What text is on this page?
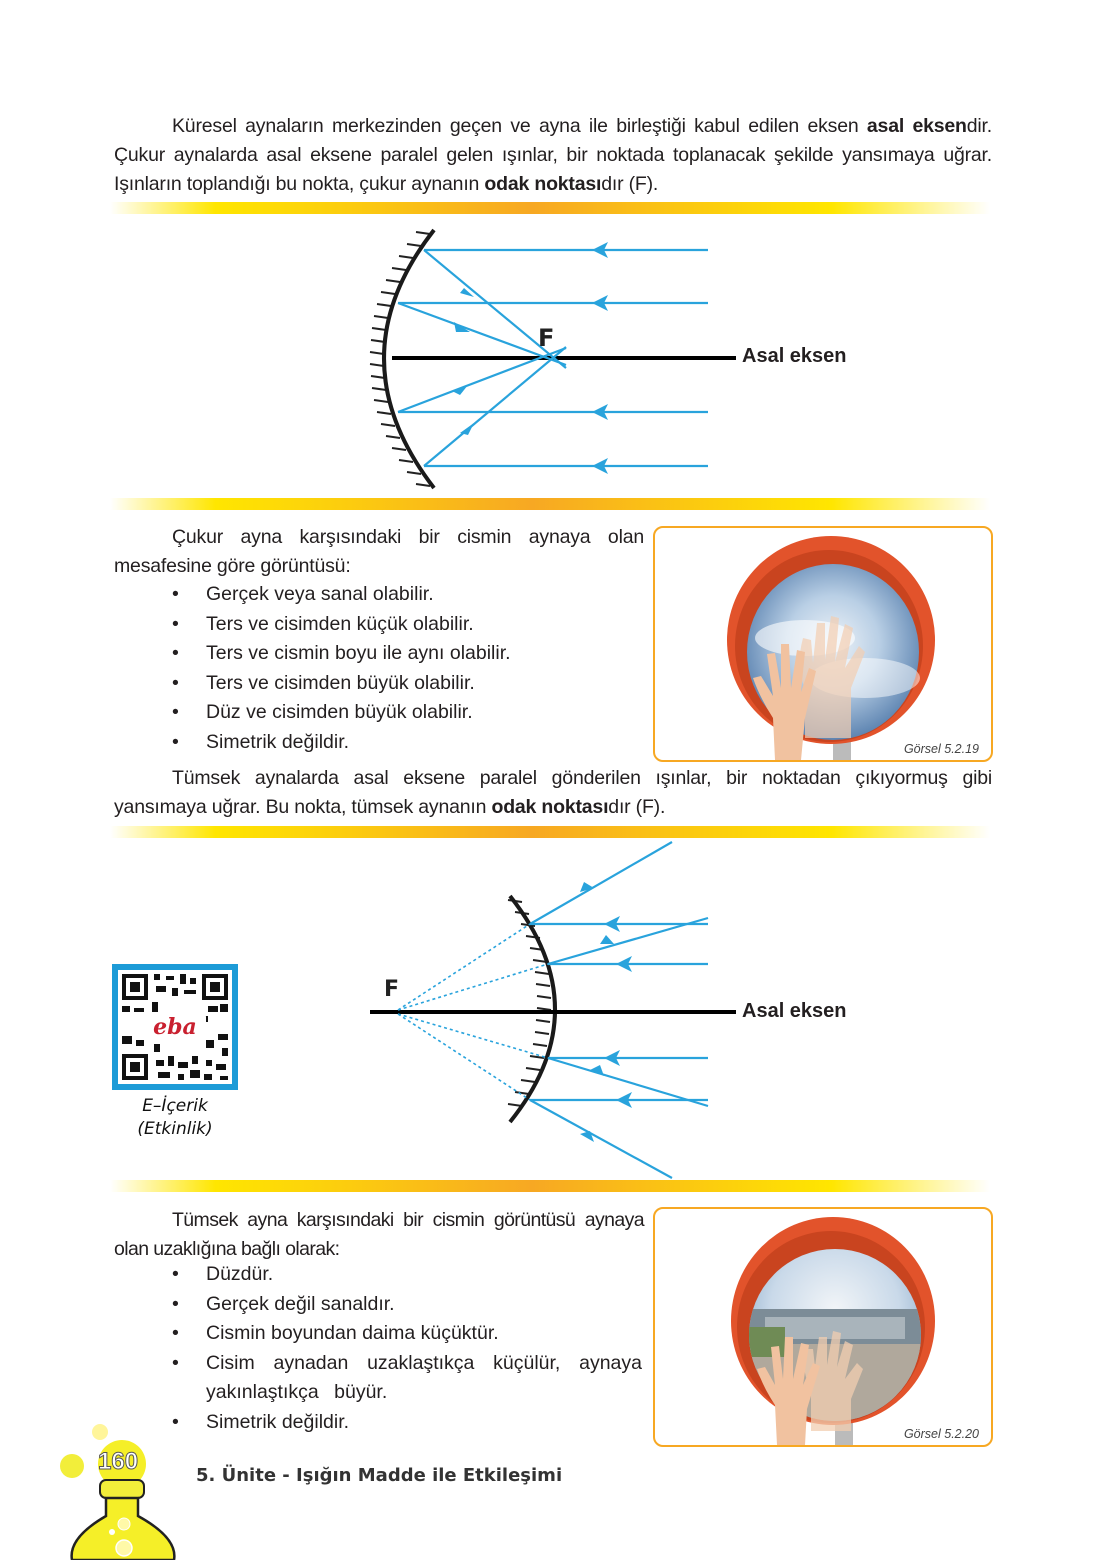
Küresel aynaların merkezinden geçen ve ayna ile birleştiği kabul edilen eksen asal eksendir. Çukur aynalarda asal eksene paralel gelen ışınlar, bir noktada toplanacak şekilde yansımaya uğrar. Işınların toplandığı bu nokta, çukur aynanın odak noktasıdır (F).
F
Asal eksen
Çukur ayna karşısındaki bir cismin aynaya olan mesafesine göre görüntüsü:
• Gerçek veya sanal olabilir.
• Ters ve cisimden küçük olabilir.
• Ters ve cismin boyu ile aynı olabilir.
• Ters ve cisimden büyük olabilir.
• Düz ve cisimden büyük olabilir.
• Simetrik değildir.	Görsel 5.2.19
Tümsek aynalarda asal eksene paralel gönderilen ışınlar, bir noktadan çıkıyormuş gibi yansımaya uğrar. Bu nokta, tümsek aynanın odak noktasıdır (F).
F
Asal eksen
eba
E–İçerik
(Etkinlik)
Tümsek ayna karşısındaki bir cismin görüntüsü aynaya olan uzaklığına bağlı olarak:
• Düzdür.
• Gerçek değil sanaldır.
• Cismin boyundan daima küçüktür.
• Cisim aynadan uzaklaştıkça küçülür, aynaya yakınlaştıkça büyür.
• Simetrik değildir.
Görsel 5.2.20
160
5. Ünite - Işığın Madde ile Etkileşimi
